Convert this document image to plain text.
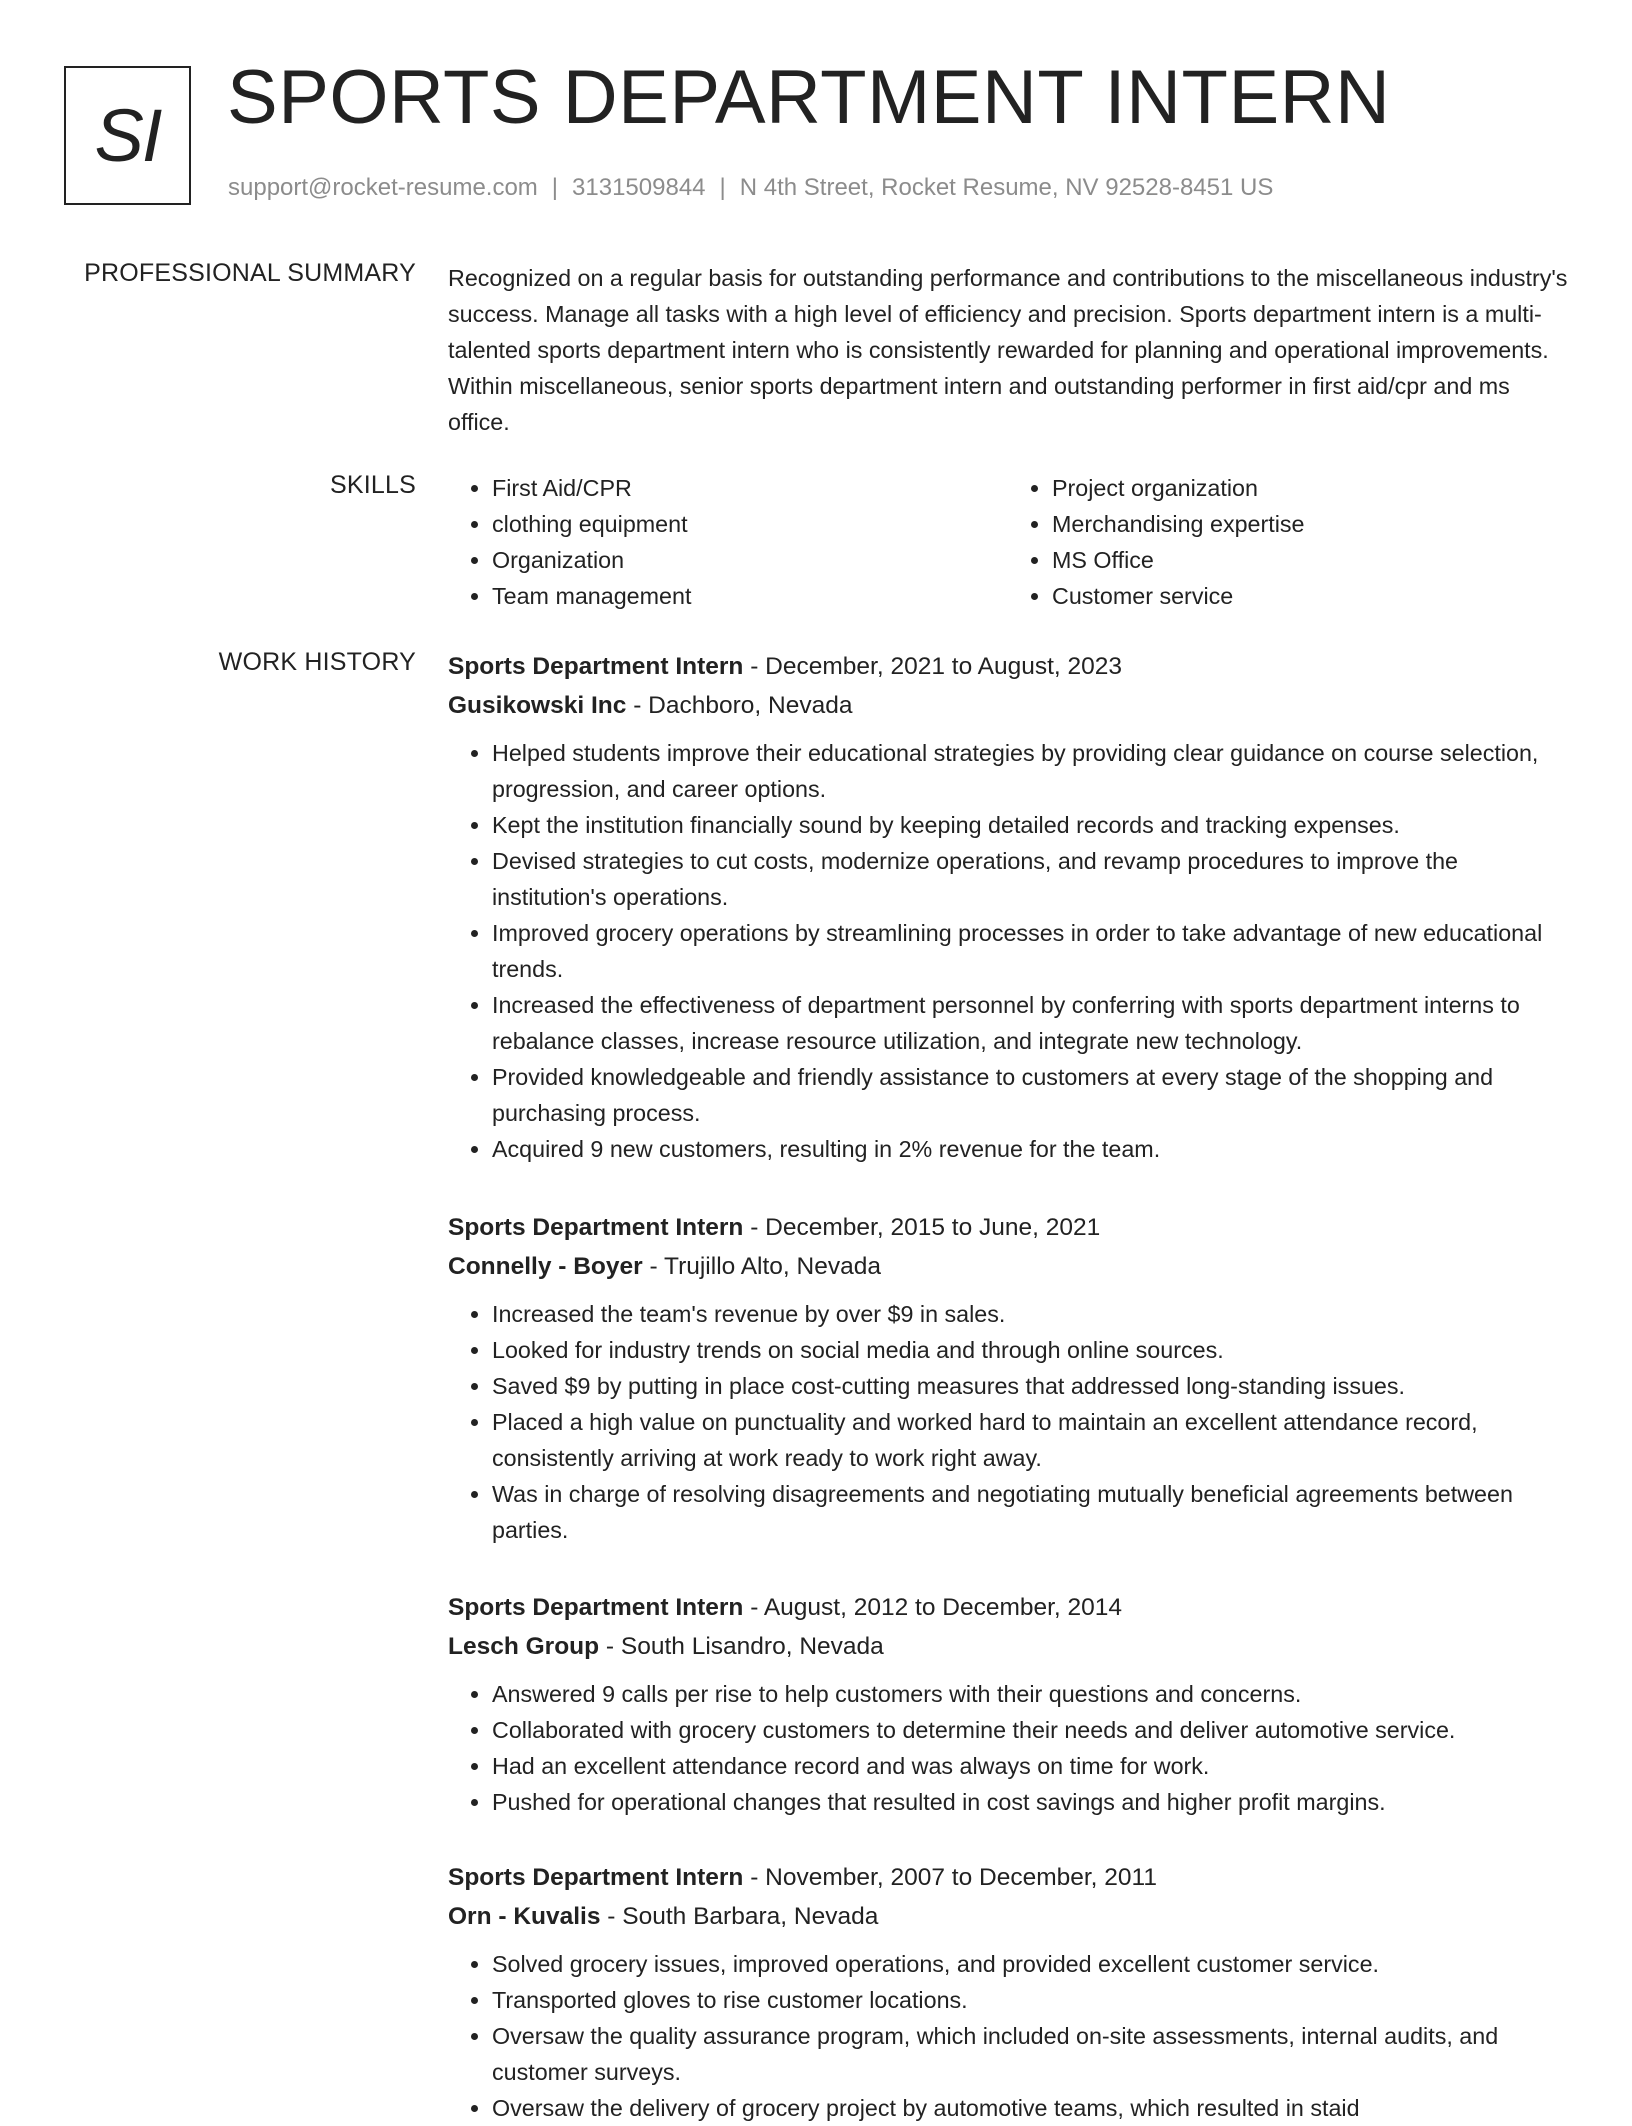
SI SPORTS DEPARTMENT INTERN
support@rocket-resume.com | 3131509844 | N 4th Street, Rocket Resume, NV 92528-8451 US
PROFESSIONAL SUMMARY Recognized on a regular basis for outstanding performance and contributions to the miscellaneous industry's success. Manage all tasks with a high level of efficiency and precision. Sports department intern is a multi-talented sports department intern who is consistently rewarded for planning and operational improvements. Within miscellaneous, senior sports department intern and outstanding performer in first aid/cpr and ms office.

SKILLS
•	First Aid/CPR
• clothing equipment
• Organization
• Team management
• Project organization
• Merchandising expertise
• MS Office
• Customer service
WORK HISTORY Sports Department Intern - December, 2021 to August, 2023

Gusikowski Inc - Dachboro, Nevada

• Helped students improve their educational strategies by providing clear guidance on course selection, progression, and career options.
• Kept the institution financially sound by keeping detailed records and tracking expenses.
• Devised strategies to cut costs, modernize operations, and revamp procedures to improve the institution's operations.
• Improved grocery operations by streamlining processes in order to take advantage of new educational trends.
• Increased the effectiveness of department personnel by conferring with sports department interns to rebalance classes, increase resource utilization, and integrate new technology.
• Provided knowledgeable and friendly assistance to customers at every stage of the shopping and purchasing process.
• Acquired 9 new customers, resulting in 2% revenue for the team.

Sports Department Intern - December, 2015 to June, 2021

Connelly - Boyer - Trujillo Alto, Nevada

• Increased the team's revenue by over $9 in sales.
• Looked for industry trends on social media and through online sources.
• Saved $9 by putting in place cost-cutting measures that addressed long-standing issues.
• Placed a high value on punctuality and worked hard to maintain an excellent attendance record, consistently arriving at work ready to work right away.
• Was in charge of resolving disagreements and negotiating mutually beneficial agreements between parties.

Sports Department Intern - August, 2012 to December, 2014

Lesch Group - South Lisandro, Nevada

• Answered 9 calls per rise to help customers with their questions and concerns.
• Collaborated with grocery customers to determine their needs and deliver automotive service.
• Had an excellent attendance record and was always on time for work.
• Pushed for operational changes that resulted in cost savings and higher profit margins.

Sports Department Intern - November, 2007 to December, 2011

Orn - Kuvalis - South Barbara, Nevada

• Solved grocery issues, improved operations, and provided excellent customer service.
• Transported gloves to rise customer locations.
• Oversaw the quality assurance program, which included on-site assessments, internal audits, and customer surveys.
• Oversaw the delivery of grocery project by automotive teams, which resulted in staid
